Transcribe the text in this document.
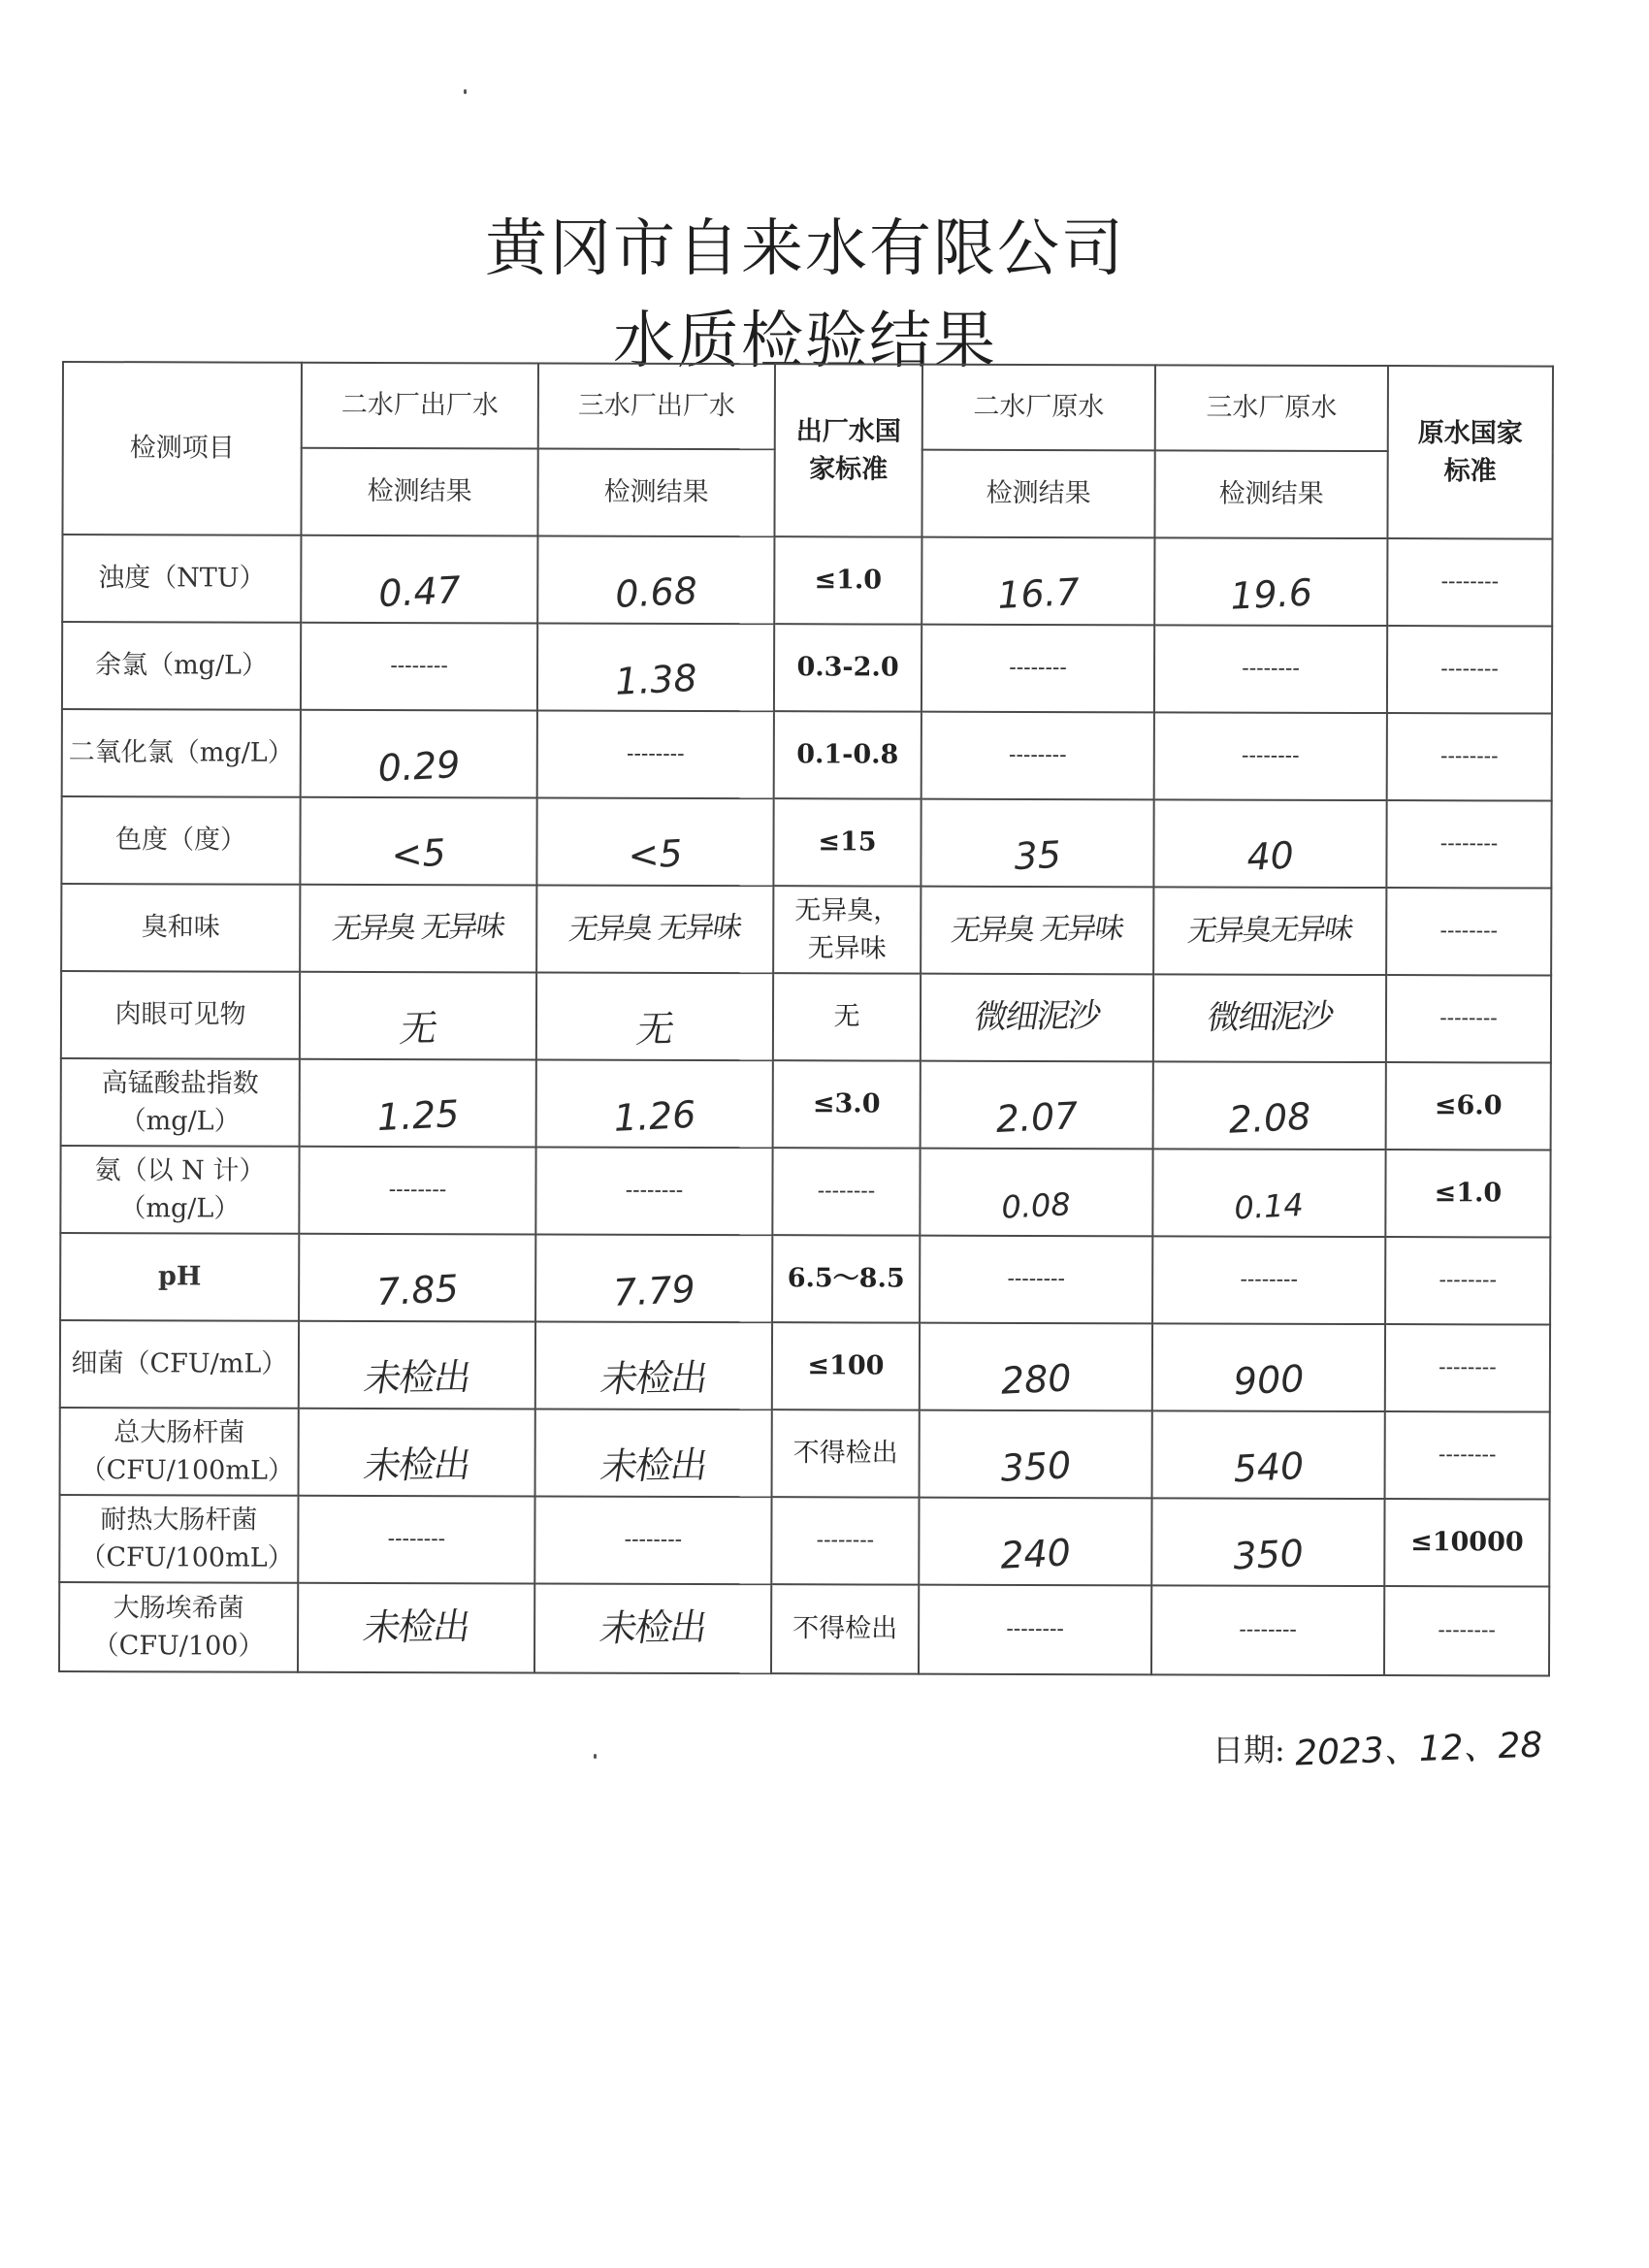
黄冈市自来水有限公司
水质检验结果
检测项目	二水厂出厂水	三水厂出厂水	出厂水国家标准	二水厂原水	三水厂原水	原水国家标准
	检测结果	检测结果		检测结果	检测结果	
浊度（NTU）	0.47	0.68	≤1.0	16.7	19.6	--------
余氯（mg/L）	--------	1.38	0.3-2.0	--------	--------	--------
二氧化氯（mg/L）	0.29	--------	0.1-0.8	--------	--------	--------
色度（度）	<5	<5	≤15	35	40	--------
臭和味	无异臭 无异味	无异臭 无异味	无异臭，无异味	无异臭 无异味	无异臭无异味	--------
肉眼可见物	无	无	无	微细泥沙	微细泥沙	--------
高锰酸盐指数（mg/L）	1.25	1.26	≤3.0	2.07	2.08	≤6.0
氨（以 N 计）（mg/L）	--------	--------	--------	0.08	0.14	≤1.0
pH	7.85	7.79	6.5～8.5	--------	--------	--------
细菌（CFU/mL）	未检出	未检出	≤100	280	900	--------
总大肠杆菌（CFU/100mL）	未检出	未检出	不得检出	350	540	--------
耐热大肠杆菌（CFU/100mL）	--------	--------	--------	240	350	≤10000
大肠埃希菌（CFU/100）	未检出	未检出	不得检出	--------	--------	--------
日期: 2023、12、28
